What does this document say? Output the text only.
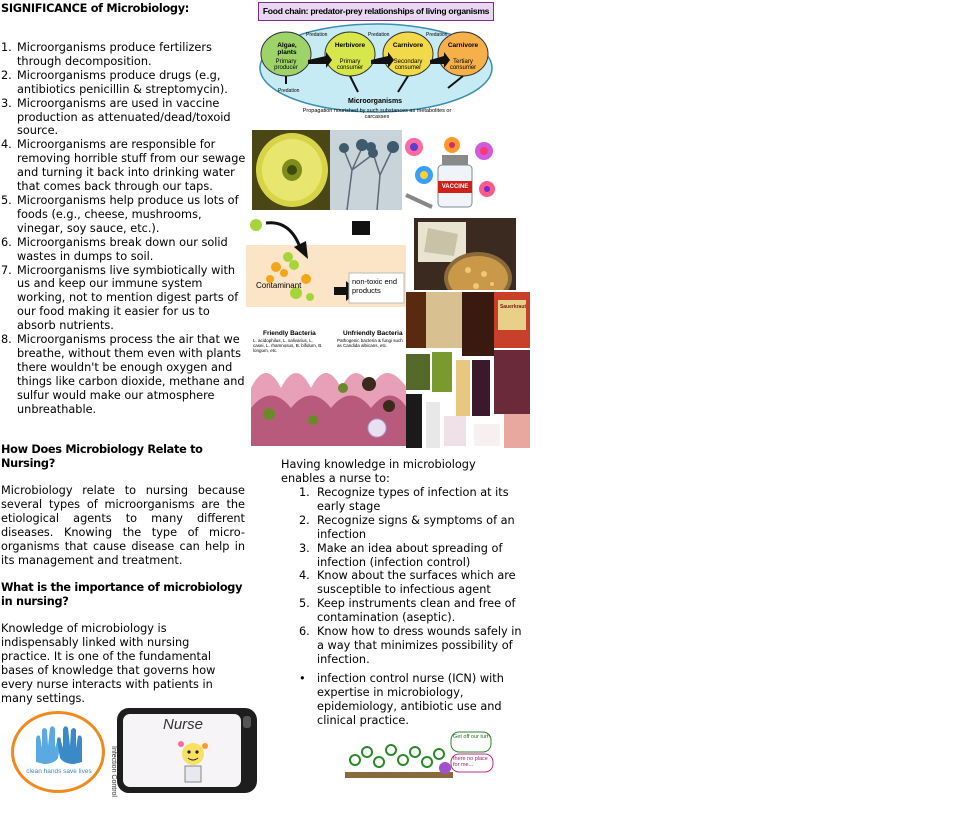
SIGNIFICANCE of Microbiology:
1. Microorganisms produce fertilizers through decomposition.
2. Microorganisms produce drugs (e.g, antibiotics penicillin & streptomycin).
3. Microorganisms are used in vaccine production as attenuated/dead/toxoid source.
4. Microorganisms are responsible for removing horrible stuff from our sewage and turning it back into drinking water that comes back through our taps.
5. Microorganisms help produce us lots of foods (e.g., cheese, mushrooms, vinegar, soy sauce, etc.).
6. Microorganisms break down our solid wastes in dumps to soil.
7. Microorganisms live symbiotically with us and keep our immune system working, not to mention digest parts of our food making it easier for us to absorb nutrients.
8. Microorganisms process the air that we breathe, without them even with plants there wouldn't be enough oxygen and things like carbon dioxide, methane and sulfur would make our atmosphere unbreathable.
How Does Microbiology Relate to Nursing?

Microbiology relate to nursing because several types of microorganisms are the etiological agents to many different diseases. Knowing the type of micro-organisms that cause disease can help in its management and treatment.

What is the importance of microbiology in nursing?

Knowledge of microbiology is indispensably linked with nursing practice. It is one of the fundamental bases of knowledge that governs how every nurse interacts with patients in many settings.

Having knowledge in microbiology enables a nurse to:

1. Recognize types of infection at its early stage
2. Recognize signs & symptoms of an infection
3. Make an idea about spreading of infection (infection control)
4. Know about the surfaces which are susceptible to infectious agent
5. Keep instruments clean and free of contamination (aseptic).
6. Know how to dress wounds safely in a way that minimizes possibility of infection.
• infection control nurse (ICN) with expertise in microbiology, epidemiology, antibiotic use and clinical practice.
Food chain: predator-prey relationships of living organisms
Algae, plants
Primary producer
Herbivore
Primary consumer
Carnivore
Secondary consumer
Carnivore
Tertiary consumer
Predation	Predation	Predation
Predation
Microorganisms
Propagation nourished by such substances as metabolites or carcasses
VACCINE
Contaminant	non-toxic end products
Friendly Bacteria
L. acidophilus, L. salivarius, L. casei, L. rhamnosus, B. bifidum, B. longum, etc.
Unfriendly Bacteria
Pathogenic bacteria & fungi such as Candida albicans, etc.
Sauerkraut
clean hands save lives
Nurse
Infection Control
Get off our turf!
there no place for me...
